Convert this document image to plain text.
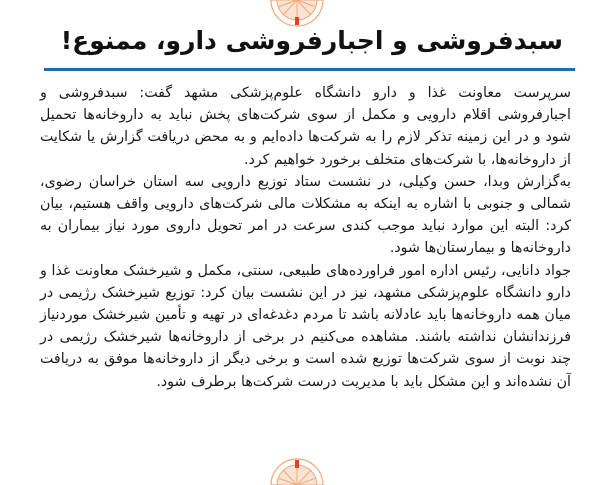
سبدفروشی و اجبارفروشی دارو، ممنوع!

سرپرست معاونت غذا و دارو دانشگاه علوم‌پزشکی مشهد گفت: سبدفروشی و اجبارفروشی اقلام دارویی و مکمل از سوی شرکت‌های پخش نباید به داروخانه‌ها تحمیل شود و در این زمینه تذکر لازم را به شرکت‌ها داده‌ایم و به محض دریافت گزارش یا شکایت از داروخانه‌ها، با شرکت‌های متخلف برخورد خواهیم کرد.

به‌گزارش وبدا، حسن وکیلی، در نشست ستاد توزیع دارویی سه استان خراسان رضوی، شمالی و جنوبی با اشاره به اینکه به مشکلات مالی شرکت‌های دارویی واقف هستیم، بیان کرد: البته این موارد نباید موجب کندی سرعت در امر تحویل داروی مورد نیاز بیماران به داروخانه‌ها و بیمارستان‌ها شود.

جواد دانایی، رئیس اداره امور فراورده‌های طبیعی، سنتی، مکمل و شیرخشک معاونت غذا و دارو دانشگاه علوم‌پزشکی مشهد، نیز در این نشست بیان کرد: توزیع شیرخشک رژیمی در میان همه داروخانه‌ها باید عادلانه باشد تا مردم دغدغه‌ای در تهیه و تأمین شیرخشک موردنیاز فرزندانشان نداشته باشند. مشاهده می‌کنیم در برخی از داروخانه‌ها شیرخشک رژیمی در چند نوبت از سوی شرکت‌ها توزیع شده است و برخی دیگر از داروخانه‌ها موفق به دریافت آن نشده‌اند و این مشکل باید با مدیریت درست شرکت‌ها برطرف شود.
